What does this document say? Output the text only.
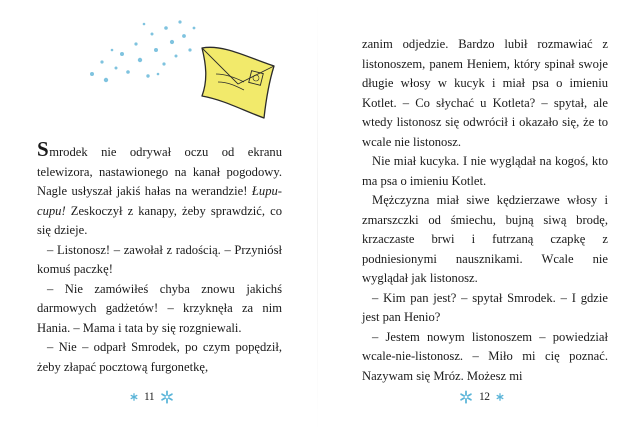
Smrodek nie odrywał oczu od ekranu telewizora, nastawionego na kanał pogodowy. Nagle usłyszał jakiś hałas na werandzie! Łupu-cupu! Zeskoczył z kanapy, żeby sprawdzić, co się dzieje.

– Listonosz! – zawołał z radością. – Przyniósł komuś paczkę!

– Nie zamówiłeś chyba znowu jakichś darmowych gadżetów! – krzyknęła za nim Hania. – Mama i tata by się rozgniewali.

– Nie – odparł Smrodek, po czym popędził, żeby złapać pocztową furgonetkę,

11

zanim odjedzie. Bardzo lubił rozmawiać z listonoszem, panem Heniem, który spinał swoje długie włosy w kucyk i miał psa o imieniu Kotlet. – Co słychać u Kotleta? – spytał, ale wtedy listonosz się odwrócił i okazało się, że to wcale nie listonosz.

Nie miał kucyka. I nie wyglądał na kogoś, kto ma psa o imieniu Kotlet.

Mężczyzna miał siwe kędzierzawe włosy i zmarszczki od śmiechu, bujną siwą brodę, krzaczaste brwi i futrzaną czapkę z podniesionymi nausznikami. Wcale nie wyglądał jak listonosz.

– Kim pan jest? – spytał Smrodek. – I gdzie jest pan Henio?

– Jestem nowym listonoszem – powiedział wcale-nie-listonosz. – Miło mi cię poznać. Nazywam się Mróz. Możesz mi

12
